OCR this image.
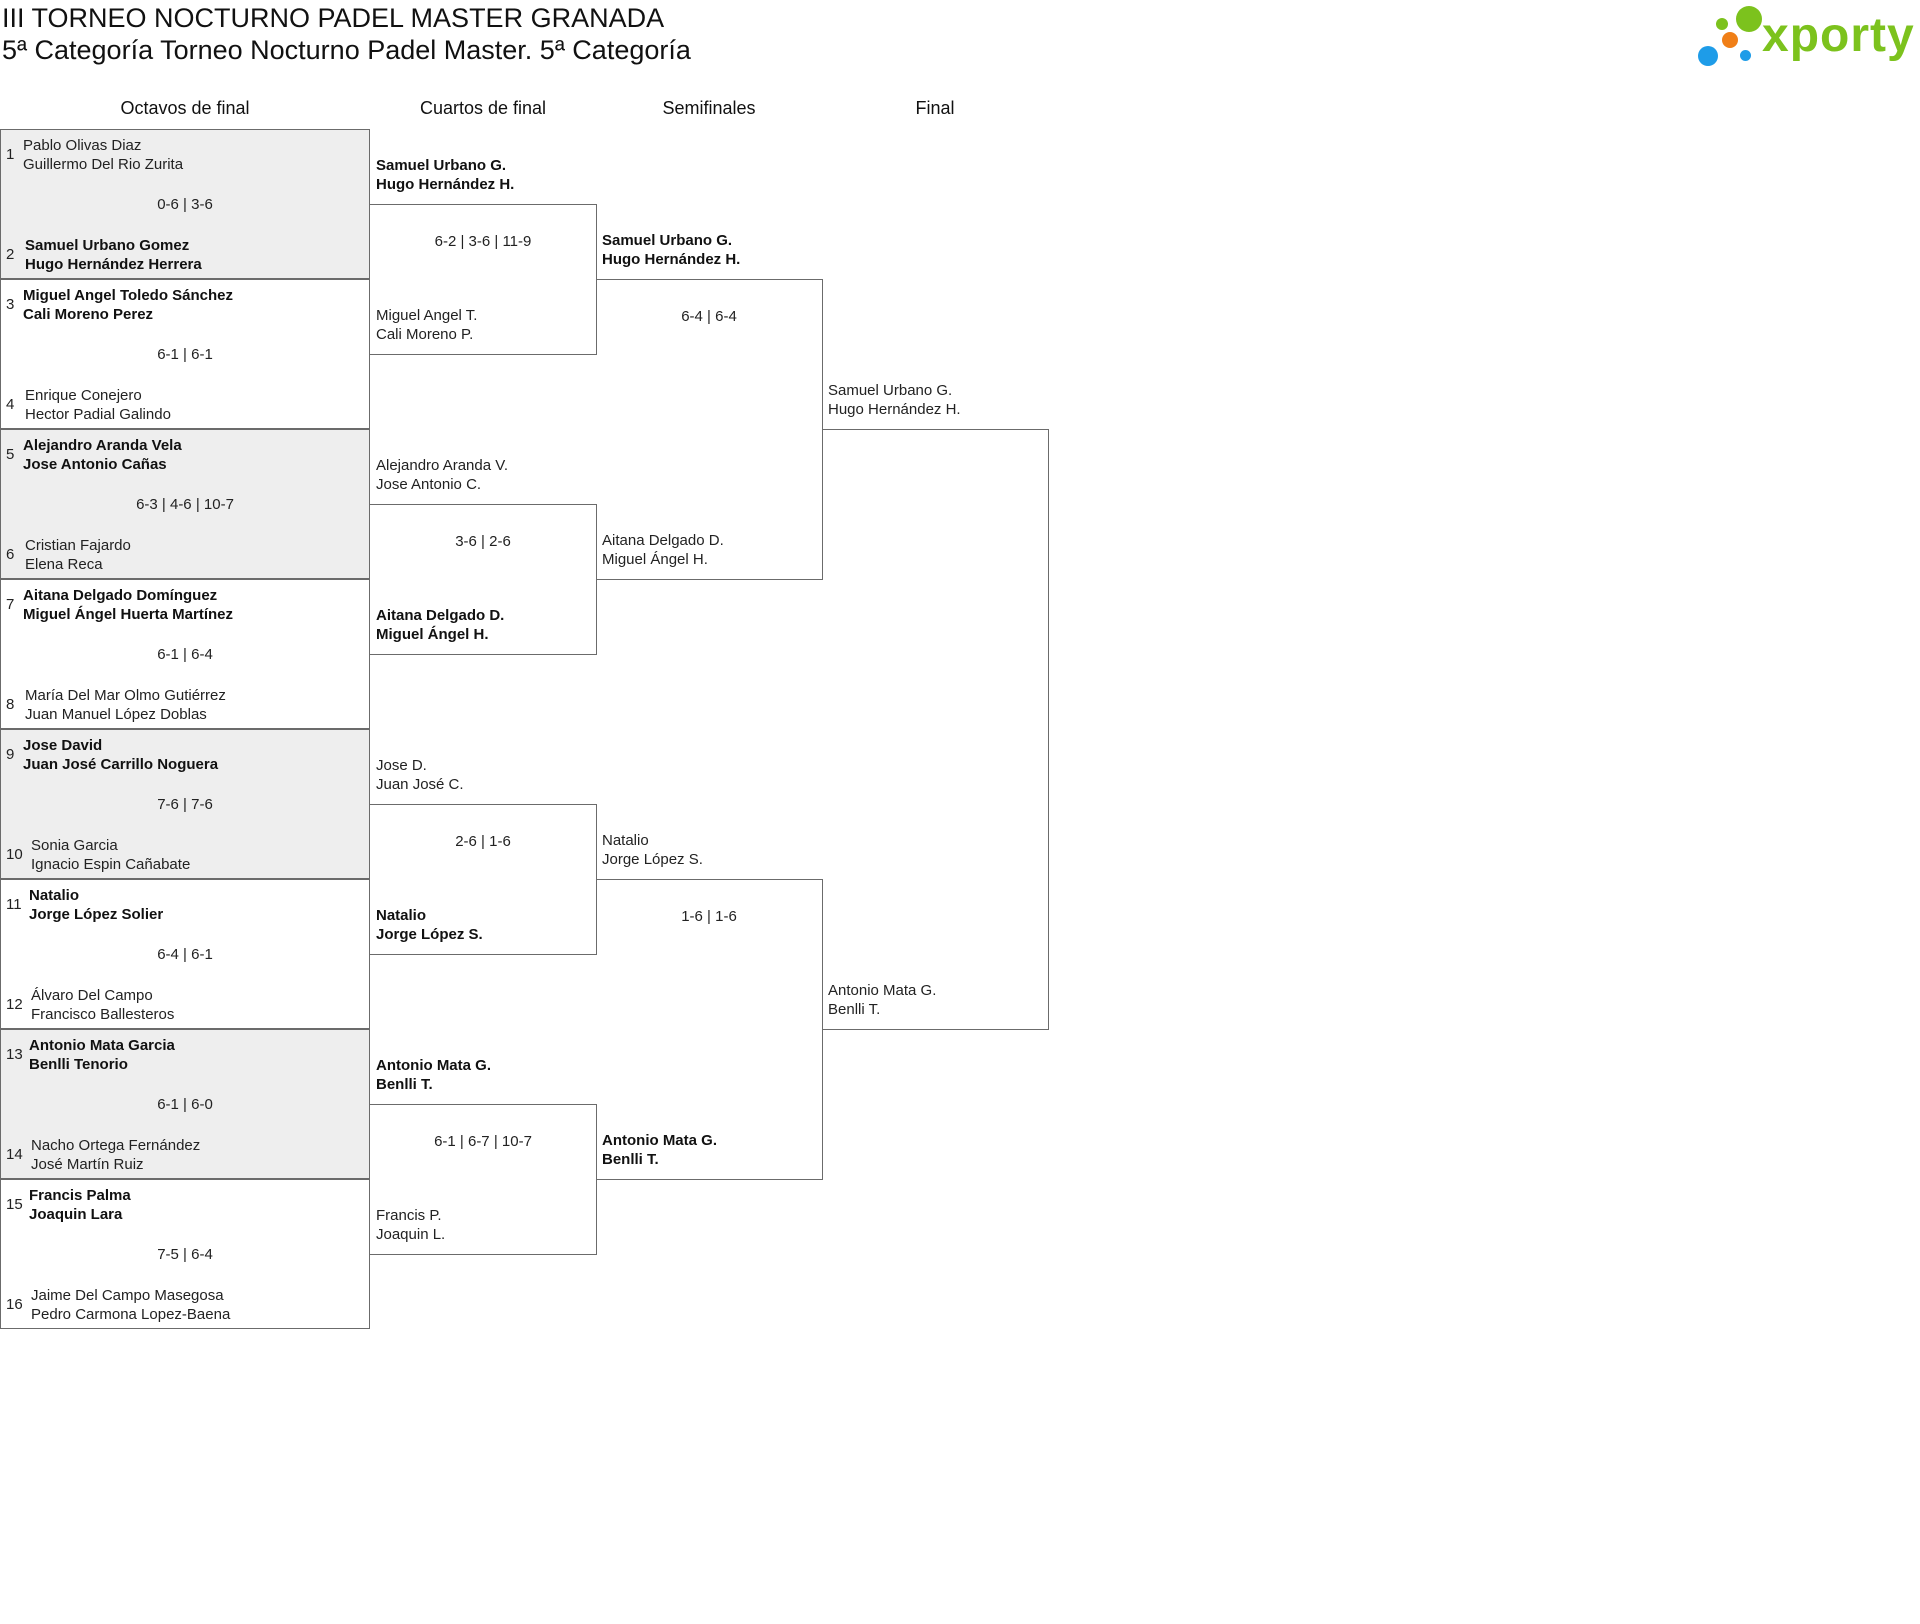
III TORNEO NOCTURNO PADEL MASTER GRANADA
5ª Categoría Torneo Nocturno Padel Master. 5ª Categoría	xporty
Octavos de final	Cuartos de final	Semifinales	Final
1
Pablo Olivas Diaz
Guillermo Del Rio Zurita
0-6 | 3-6
2
Samuel Urbano Gomez
Hugo Hernández Herrera
3
Miguel Angel Toledo Sánchez
Cali Moreno Perez
6-1 | 6-1
4
Enrique Conejero
Hector Padial Galindo
5
Alejandro Aranda Vela
Jose Antonio Cañas
6-3 | 4-6 | 10-7
6
Cristian Fajardo
Elena Reca
7
Aitana Delgado Domínguez
Miguel Ángel Huerta Martínez
6-1 | 6-4
8
María Del Mar Olmo Gutiérrez
Juan Manuel López Doblas
9
Jose David
Juan José Carrillo Noguera
7-6 | 7-6
10
Sonia Garcia
Ignacio Espin Cañabate
11
Natalio
Jorge López Solier
6-4 | 6-1
12
Álvaro Del Campo
Francisco Ballesteros
13
Antonio Mata Garcia
Benlli Tenorio
6-1 | 6-0
14
Nacho Ortega Fernández
José Martín Ruiz
15
Francis Palma
Joaquin Lara
7-5 | 6-4
16
Jaime Del Campo Masegosa
Pedro Carmona Lopez-Baena
Samuel Urbano G.
Hugo Hernández H.
Miguel Angel T.
Cali Moreno P.
6-2 | 3-6 | 11-9
Alejandro Aranda V.
Jose Antonio C.
Aitana Delgado D.
Miguel Ángel H.
3-6 | 2-6
Jose D.
Juan José C.
Natalio
Jorge López S.
2-6 | 1-6
Antonio Mata G.
Benlli T.
Francis P.
Joaquin L.
6-1 | 6-7 | 10-7
Samuel Urbano G.
Hugo Hernández H.
Aitana Delgado D.
Miguel Ángel H.
6-4 | 6-4
Natalio
Jorge López S.
Antonio Mata G.
Benlli T.
1-6 | 1-6
Samuel Urbano G.
Hugo Hernández H.
Antonio Mata G.
Benlli T.
